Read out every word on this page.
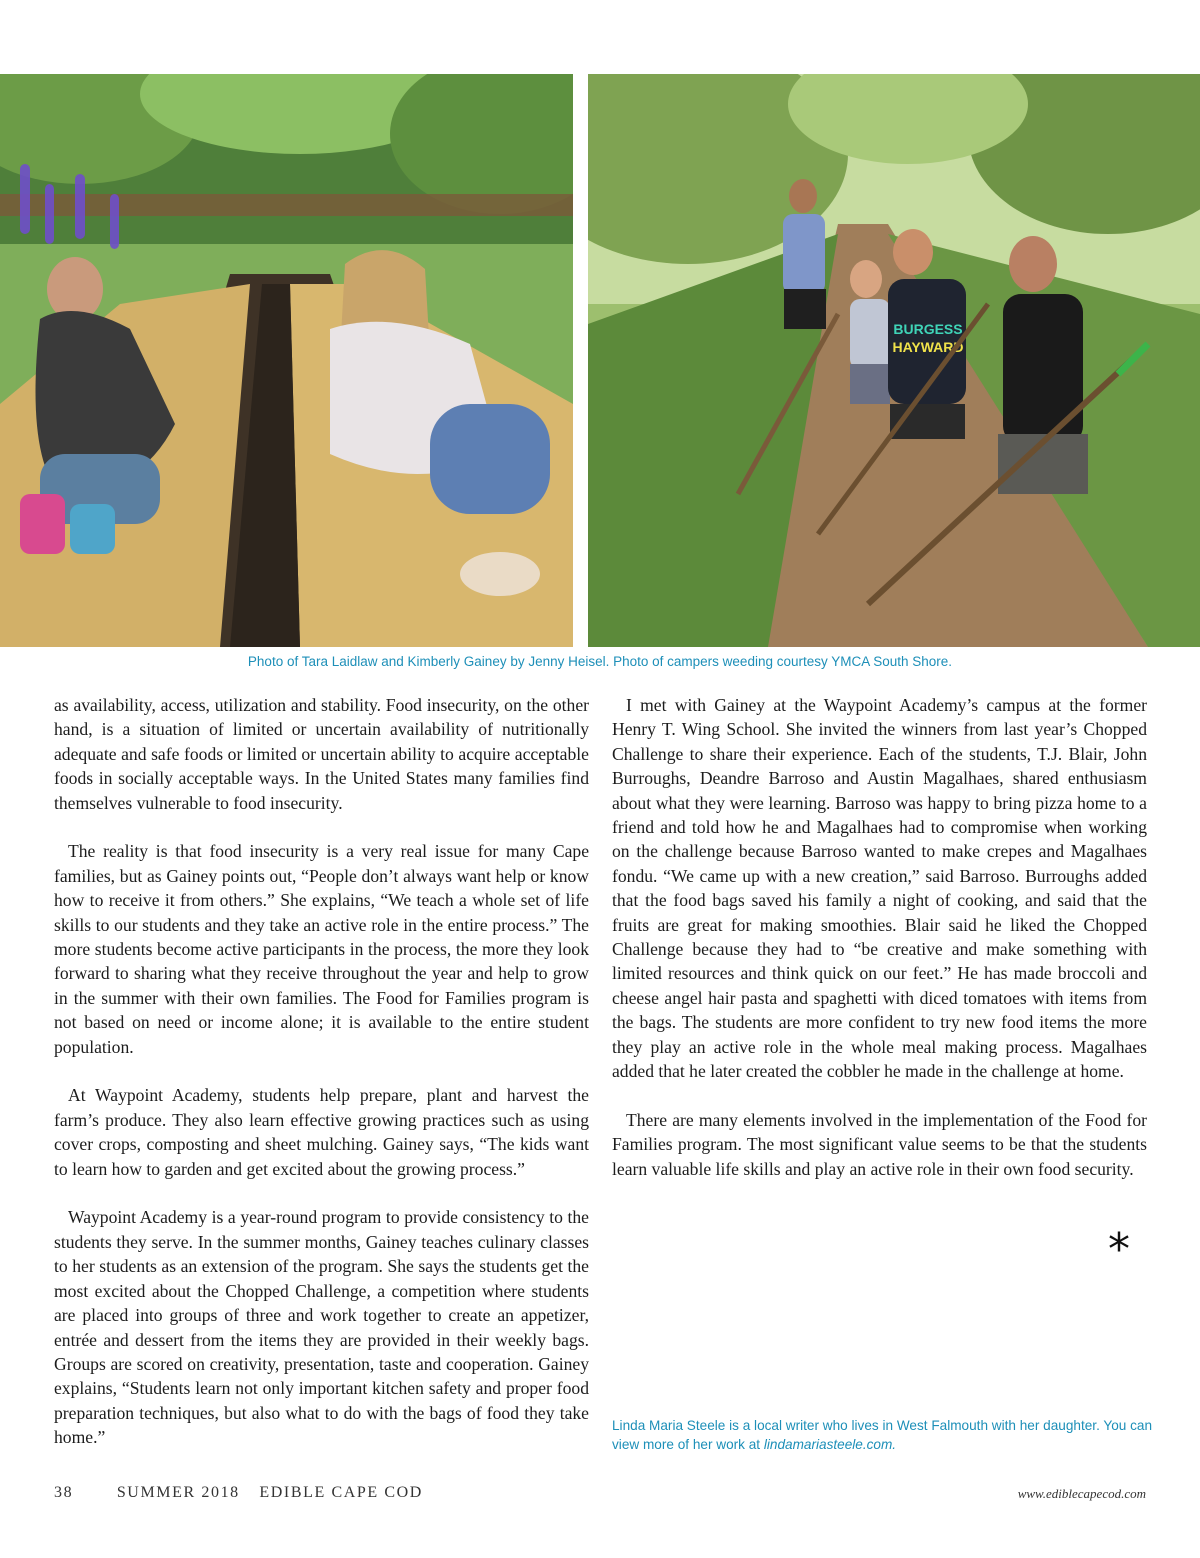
BURGESS
HAYWARD
Photo of Tara Laidlaw and Kimberly Gainey by Jenny Heisel. Photo of campers weeding courtesy YMCA South Shore.

as availability, access, utilization and stability. Food insecurity, on the other hand, is a situation of limited or uncertain availability of nutritionally adequate and safe foods or limited or uncertain ability to acquire acceptable foods in socially acceptable ways. In the United States many families find themselves vulnerable to food insecurity.

The reality is that food insecurity is a very real issue for many Cape families, but as Gainey points out, “People don’t always want help or know how to receive it from others.” She explains, “We teach a whole set of life skills to our students and they take an active role in the entire process.” The more students become active participants in the process, the more they look forward to sharing what they receive throughout the year and help to grow in the summer with their own families. The Food for Families program is not based on need or income alone; it is available to the entire student population.

At Waypoint Academy, students help prepare, plant and harvest the farm’s produce. They also learn effective growing practices such as using cover crops, composting and sheet mulching. Gainey says, “The kids want to learn how to garden and get excited about the growing process.”

Waypoint Academy is a year-round program to provide consistency to the students they serve. In the summer months, Gainey teaches culinary classes to her students as an extension of the program. She says the students get the most excited about the Chopped Challenge, a competition where students are placed into groups of three and work together to create an appetizer, entrée and dessert from the items they are provided in their weekly bags. Groups are scored on creativity, presentation, taste and cooperation. Gainey explains, “Students learn not only important kitchen safety and proper food preparation techniques, but also what to do with the bags of food they take home.”

I met with Gainey at the Waypoint Academy’s campus at the former Henry T. Wing School. She invited the winners from last year’s Chopped Challenge to share their experience. Each of the students, T.J. Blair, John Burroughs, Deandre Barroso and Austin Magalhaes, shared enthusiasm about what they were learning. Barroso was happy to bring pizza home to a friend and told how he and Magalhaes had to compromise when working on the challenge because Barroso wanted to make crepes and Magalhaes fondu. “We came up with a new creation,” said Barroso. Burroughs added that the food bags saved his family a night of cooking, and said that the fruits are great for making smoothies. Blair said he liked the Chopped Challenge because they had to “be creative and make something with limited resources and think quick on our feet.” He has made broccoli and cheese angel hair pasta and spaghetti with diced tomatoes with items from the bags. The students are more confident to try new food items the more they play an active role in the whole meal making process. Magalhaes added that he later created the cobbler he made in the challenge at home.

There are many elements involved in the implementation of the Food for Families program. The most significant value seems to be that the students learn valuable life skills and play an active role in their own food security.

*
Linda Maria Steele is a local writer who lives in West Falmouth with her daughter. You can view more of her work at lindamariasteele.com.
38	SUMMER 2018 EDIBLE CAPE COD	www.ediblecapecod.com
